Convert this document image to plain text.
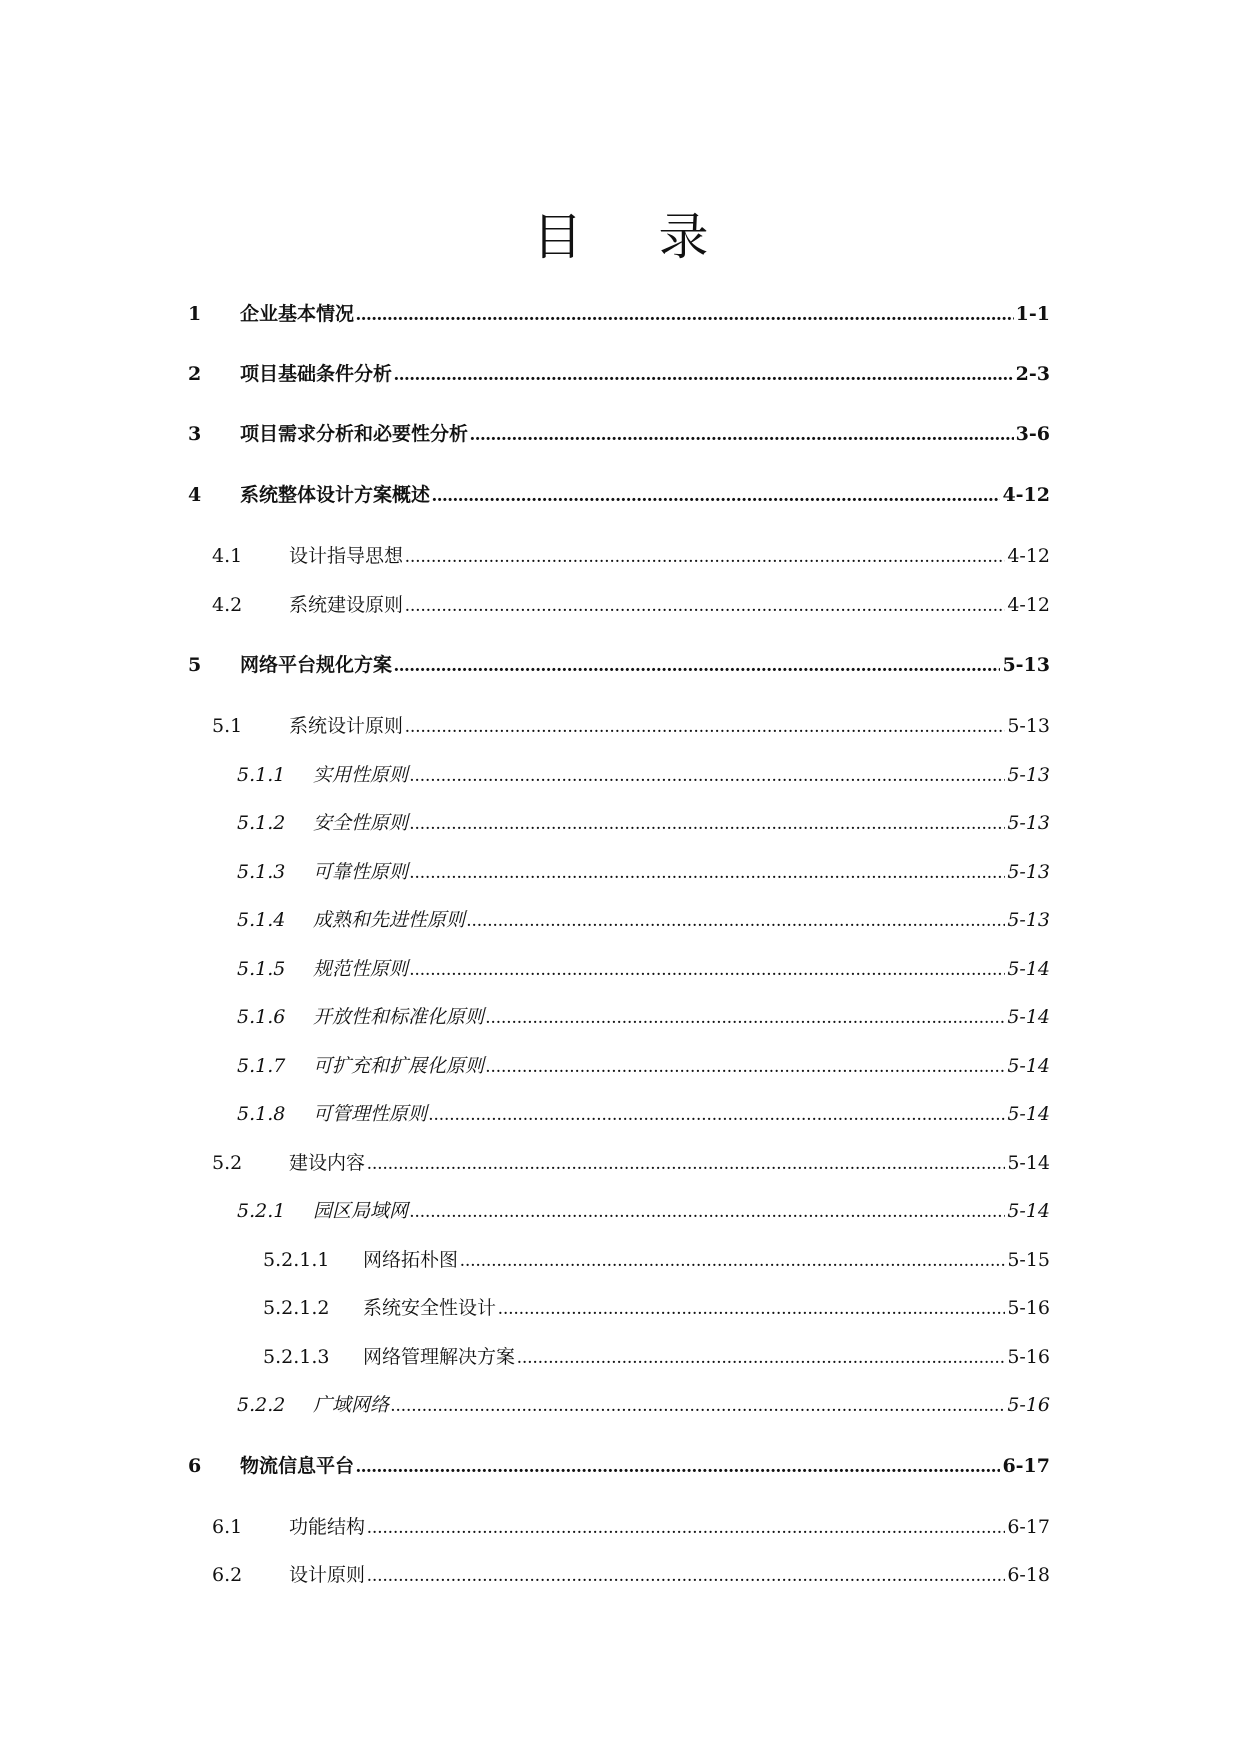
目 录
1	企业基本情况 .....	1-1
2	项目基础条件分析 .....	2-3
3	项目需求分析和必要性分析 .....	3-6
4	系统整体设计方案概述 .....	4-12
4.1	设计指导思想 .....	4-12
4.2	系统建设原则 .....	4-12
5	网络平台规化方案 .....	5-13
5.1	系统设计原则 .....	5-13
5.1.1	实用性原则 .....	5-13
5.1.2	安全性原则 .....	5-13
5.1.3	可靠性原则 .....	5-13
5.1.4	成熟和先进性原则 .....	5-13
5.1.5	规范性原则 .....	5-14
5.1.6	开放性和标准化原则 .....	5-14
5.1.7	可扩充和扩展化原则 .....	5-14
5.1.8	可管理性原则 .....	5-14
5.2	建设内容 .....	5-14
5.2.1	园区局域网 .....	5-14
5.2.1.1	网络拓朴图 .....	5-15
5.2.1.2	系统安全性设计 .....	5-16
5.2.1.3	网络管理解决方案 .....	5-16
5.2.2	广域网络 .....	5-16
6	物流信息平台 .....	6-17
6.1	功能结构 .....	6-17
6.2	设计原则 .....	6-18
